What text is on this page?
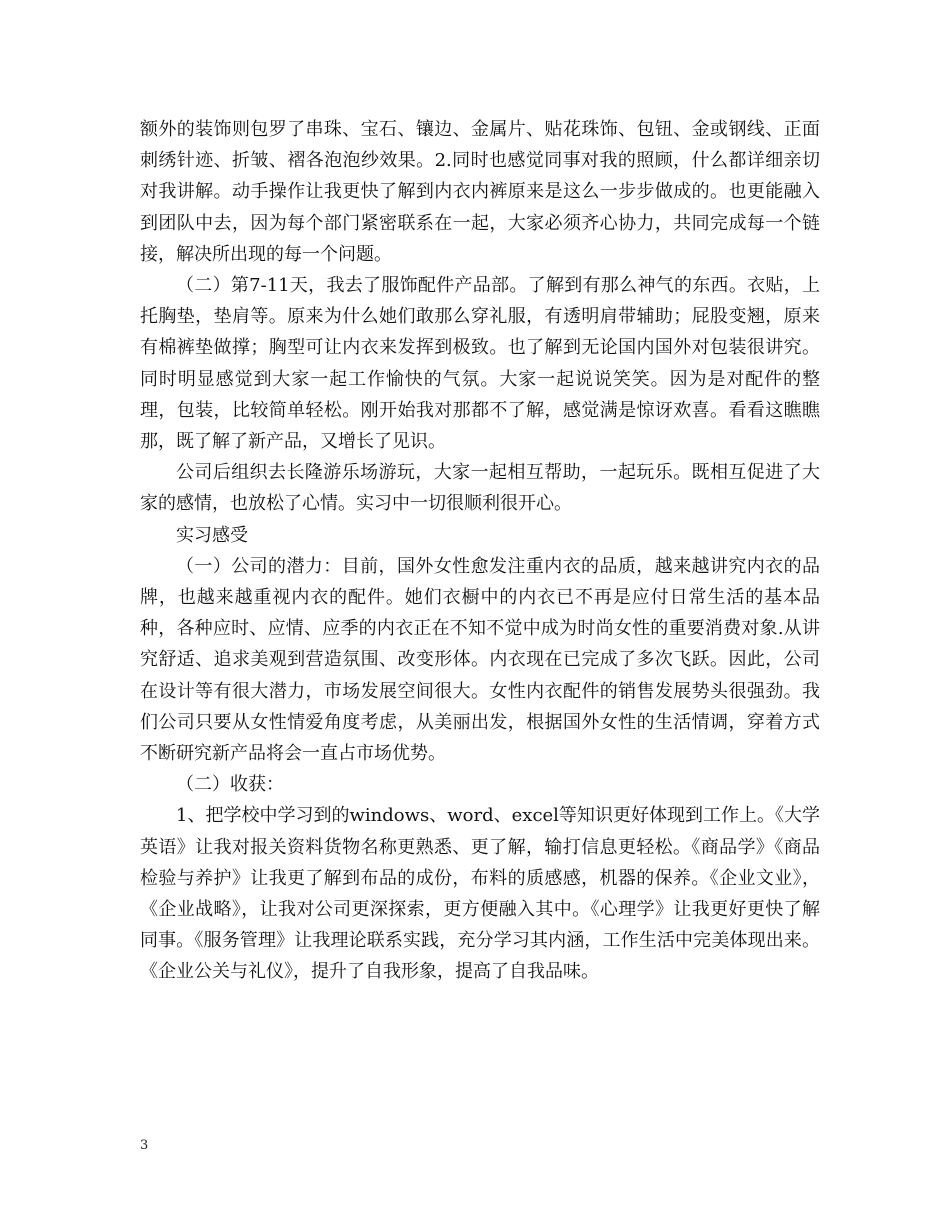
额外的装饰则包罗了串珠、宝石、镶边、金属片、贴花珠饰、包钮、金或钢线、正面刺绣针迹、折皱、褶各泡泡纱效果。2.同时也感觉同事对我的照顾，什么都详细亲切对我讲解。动手操作让我更快了解到内衣内裤原来是这么一步步做成的。也更能融入到团队中去，因为每个部门紧密联系在一起，大家必须齐心协力，共同完成每一个链接，解决所出现的每一个问题。

（二）第7-11天，我去了服饰配件产品部。了解到有那么神气的东西。衣贴，上托胸垫，垫肩等。原来为什么她们敢那么穿礼服，有透明肩带辅助；屁股变翘，原来有棉裤垫做撑；胸型可让内衣来发挥到极致。也了解到无论国内国外对包装很讲究。同时明显感觉到大家一起工作愉快的气氛。大家一起说说笑笑。因为是对配件的整理，包装，比较简单轻松。刚开始我对那都不了解，感觉满是惊讶欢喜。看看这瞧瞧那，既了解了新产品，又增长了见识。

公司后组织去长隆游乐场游玩，大家一起相互帮助，一起玩乐。既相互促进了大家的感情，也放松了心情。实习中一切很顺利很开心。

实习感受

（一）公司的潜力：目前，国外女性愈发注重内衣的品质，越来越讲究内衣的品牌，也越来越重视内衣的配件。她们衣橱中的内衣已不再是应付日常生活的基本品种，各种应时、应情、应季的内衣正在不知不觉中成为时尚女性的重要消费对象.从讲究舒适、追求美观到营造氛围、改变形体。内衣现在已完成了多次飞跃。因此，公司在设计等有很大潜力，市场发展空间很大。女性内衣配件的销售发展势头很强劲。我们公司只要从女性情爱角度考虑，从美丽出发，根据国外女性的生活情调，穿着方式不断研究新产品将会一直占市场优势。

（二）收获：

1、把学校中学习到的windows、word、excel等知识更好体现到工作上。《大学英语》让我对报关资料货物名称更熟悉、更了解，输打信息更轻松。《商品学》《商品检验与养护》让我更了解到布品的成份，布料的质感感，机器的保养。《企业文业》，《企业战略》，让我对公司更深探索，更方便融入其中。《心理学》让我更好更快了解同事。《服务管理》让我理论联系实践，充分学习其内涵，工作生活中完美体现出来。《企业公关与礼仪》，提升了自我形象，提高了自我品味。

3
